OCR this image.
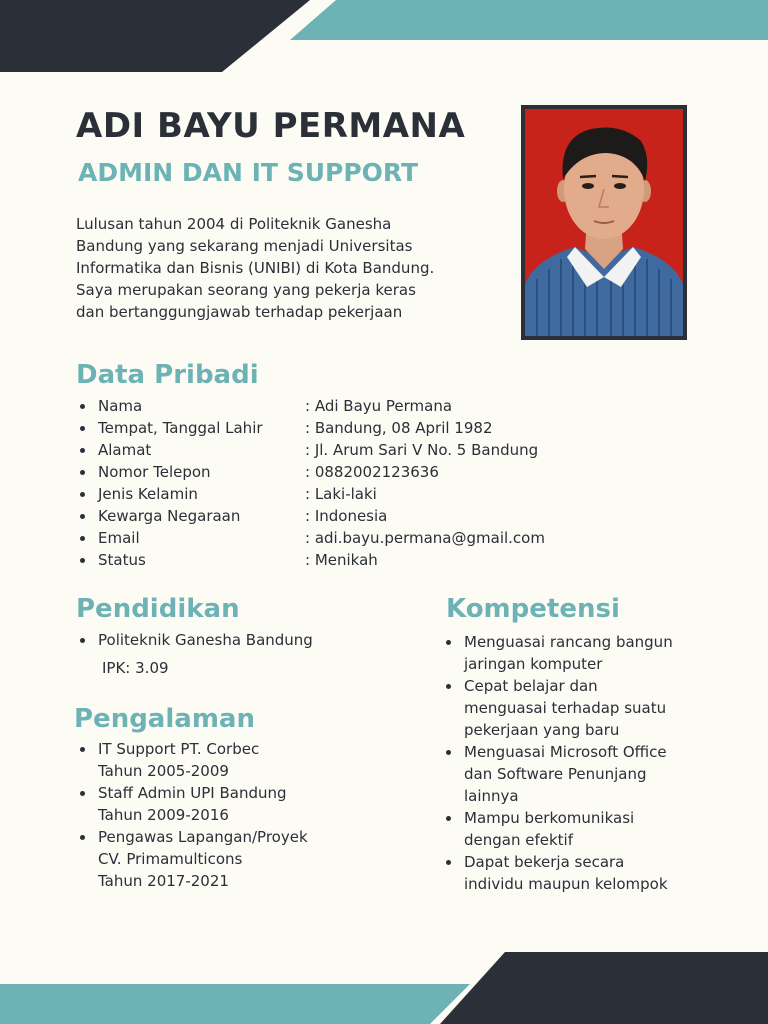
ADI BAYU PERMANA
ADMIN DAN IT SUPPORT
Lulusan tahun 2004 di Politeknik Ganesha
Bandung yang sekarang menjadi Universitas
Informatika dan Bisnis (UNIBI) di Kota Bandung.
Saya merupakan seorang yang pekerja keras
dan bertanggungjawab terhadap pekerjaan
Data Pribadi
Nama	: Adi Bayu Permana
Tempat, Tanggal Lahir	: Bandung, 08 April 1982
Alamat	: Jl. Arum Sari V No. 5 Bandung
Nomor Telepon	: 0882002123636
Jenis Kelamin	: Laki-laki
Kewarga Negaraan	: Indonesia
Email	: adi.bayu.permana@gmail.com
Status	: Menikah
Pendidikan
Politeknik Ganesha Bandung
IPK: 3.09
Pengalaman
IT Support PT. Corbec
Tahun 2005-2009
Staff Admin UPI Bandung
Tahun 2009-2016
Pengawas Lapangan/Proyek
CV. Primamulticons
Tahun 2017-2021
Kompetensi
Menguasai rancang bangun
jaringan komputer
Cepat belajar dan
menguasai terhadap suatu
pekerjaan yang baru
Menguasai Microsoft Office
dan Software Penunjang
lainnya
Mampu berkomunikasi
dengan efektif
Dapat bekerja secara
individu maupun kelompok
